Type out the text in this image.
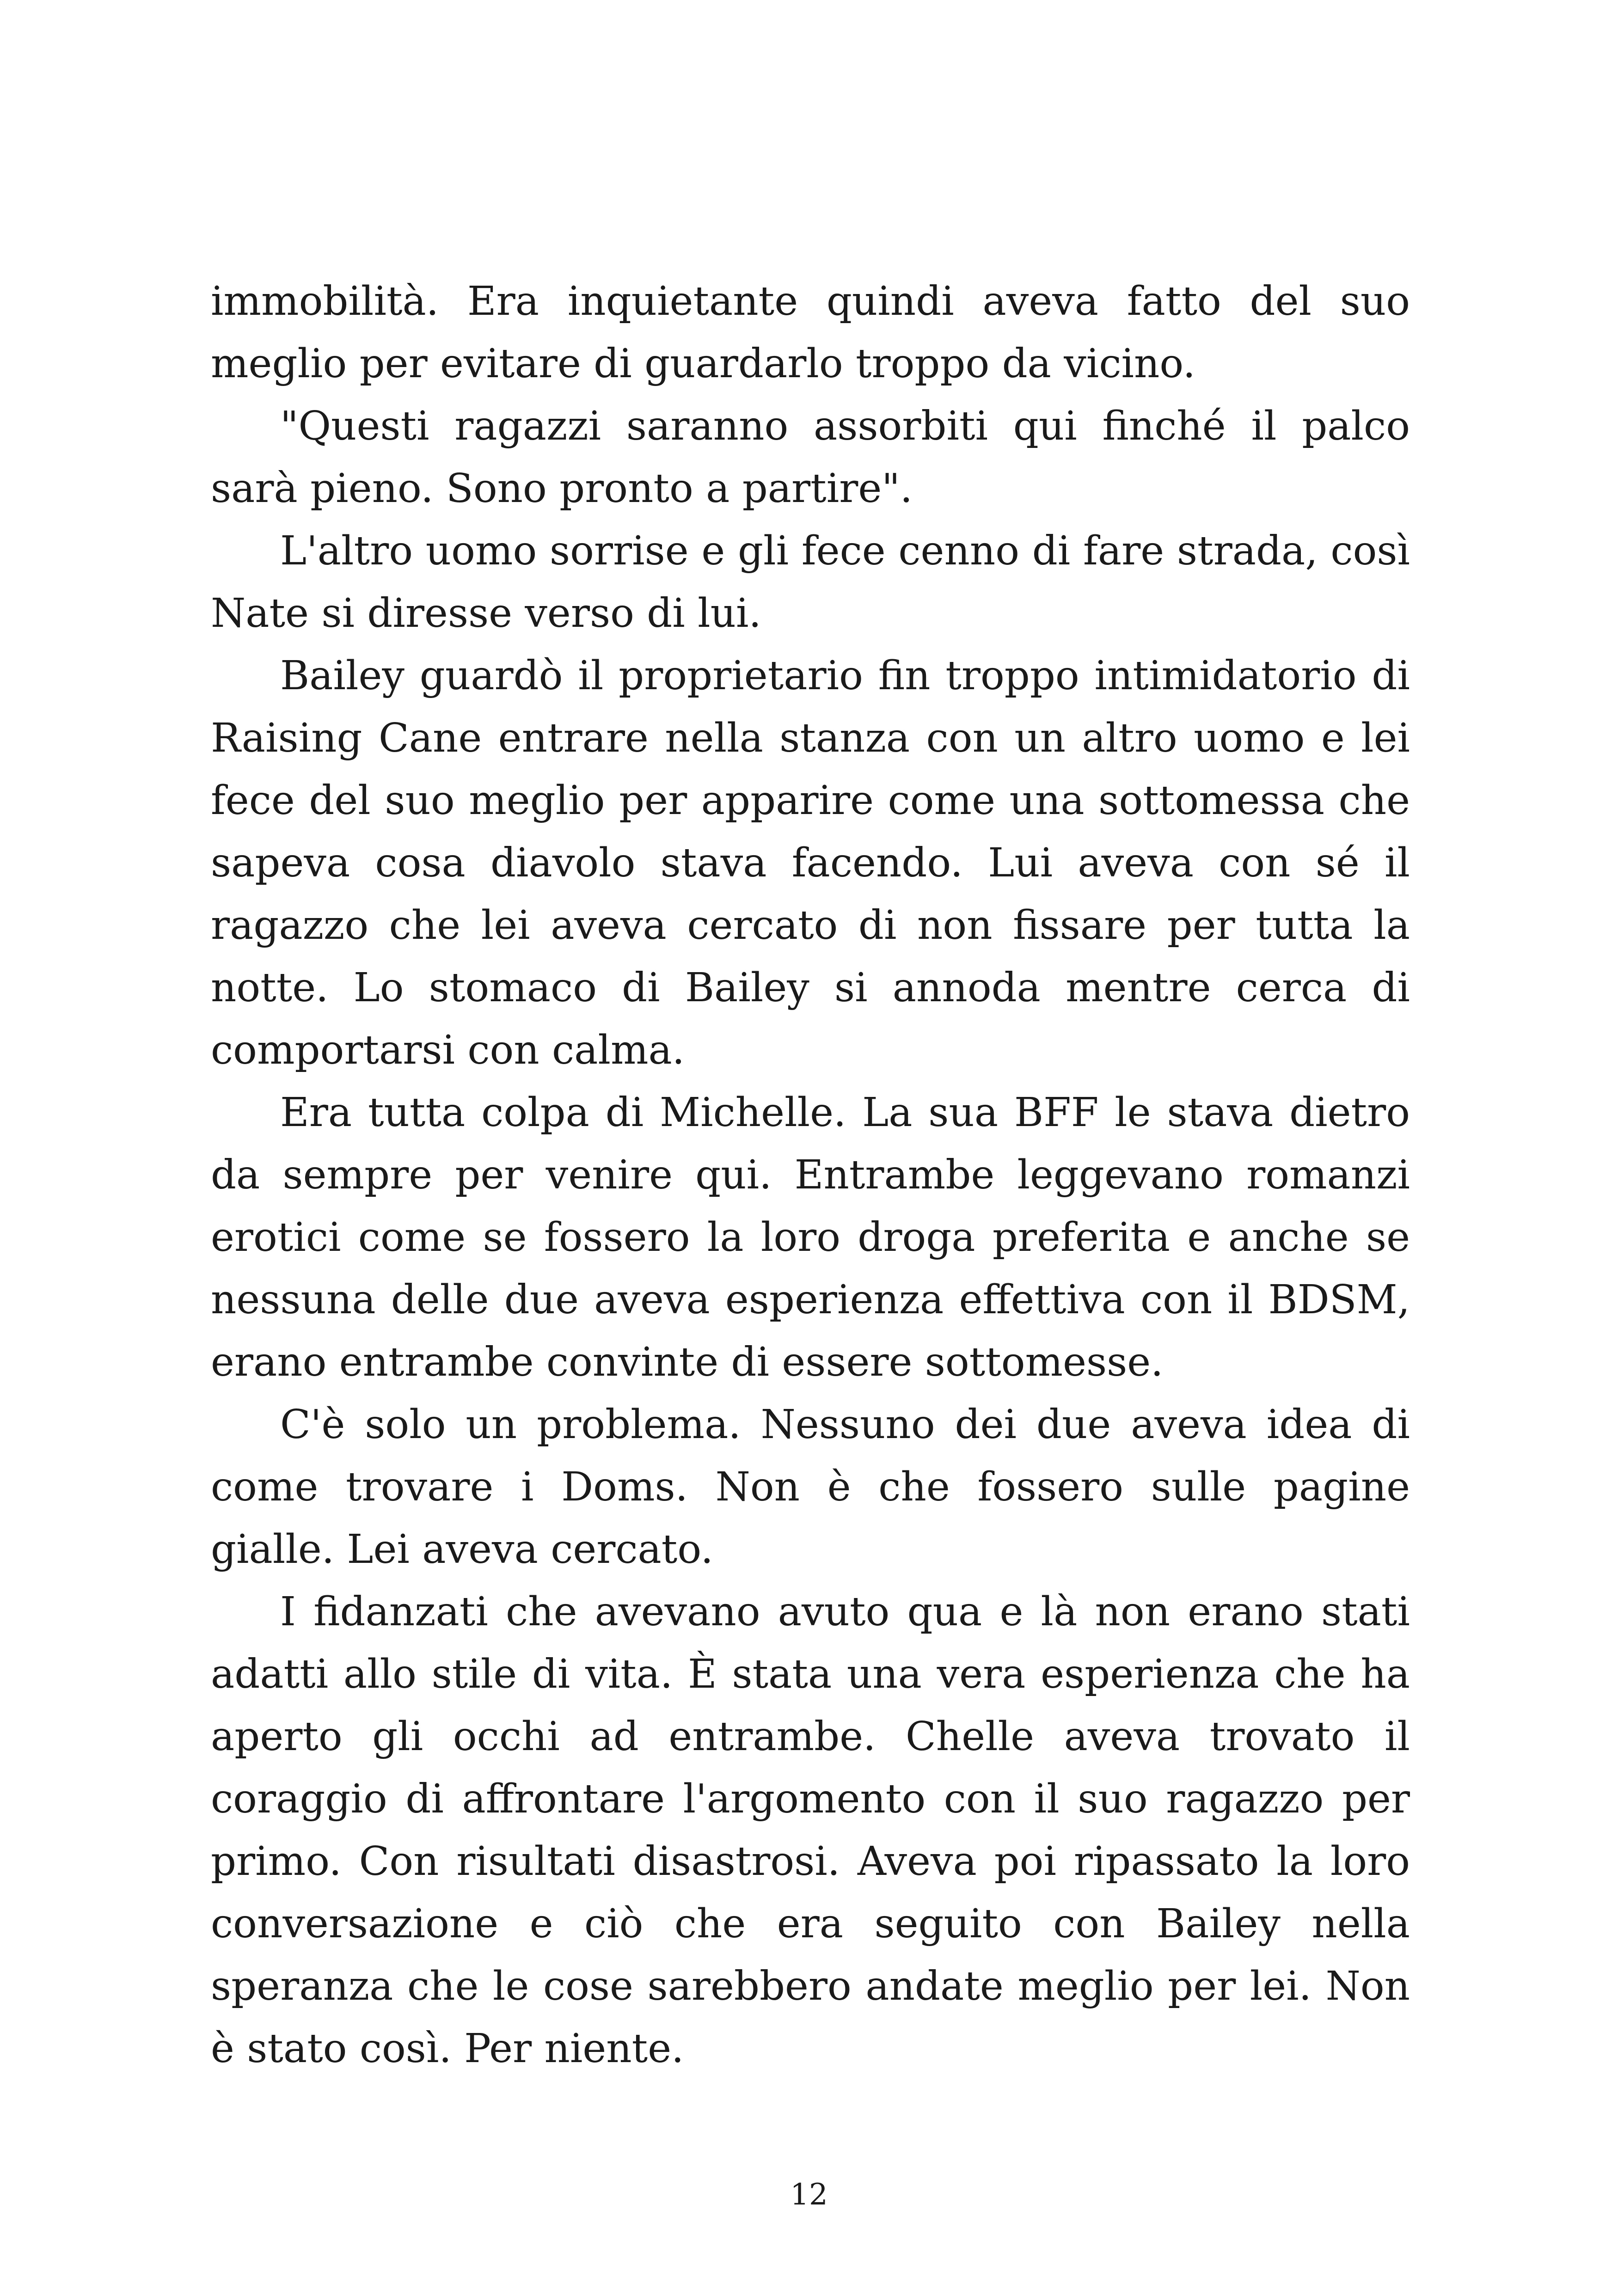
immobilità. Era inquietante quindi aveva fatto del suo meglio per evitare di guardarlo troppo da vicino.

"Questi ragazzi saranno assorbiti qui finché il palco sarà pieno. Sono pronto a partire".

L'altro uomo sorrise e gli fece cenno di fare strada, così Nate si diresse verso di lui.

Bailey guardò il proprietario fin troppo intimidatorio di Raising Cane entrare nella stanza con un altro uomo e lei fece del suo meglio per apparire come una sottomessa che sapeva cosa diavolo stava facendo. Lui aveva con sé il ragazzo che lei aveva cercato di non fissare per tutta la notte. Lo stomaco di Bailey si annoda mentre cerca di comportarsi con calma.

Era tutta colpa di Michelle. La sua BFF le stava dietro da sempre per venire qui. Entrambe leggevano romanzi erotici come se fossero la loro droga preferita e anche se nessuna delle due aveva esperienza effettiva con il BDSM, erano entrambe convinte di essere sottomesse.

C'è solo un problema. Nessuno dei due aveva idea di come trovare i Doms. Non è che fossero sulle pagine gialle. Lei aveva cercato.

I fidanzati che avevano avuto qua e là non erano stati adatti allo stile di vita. È stata una vera esperienza che ha aperto gli occhi ad entrambe. Chelle aveva trovato il coraggio di affrontare l'argomento con il suo ragazzo per primo. Con risultati disastrosi. Aveva poi ripassato la loro conversazione e ciò che era seguito con Bailey nella speranza che le cose sarebbero andate meglio per lei. Non è stato così. Per niente.

12
